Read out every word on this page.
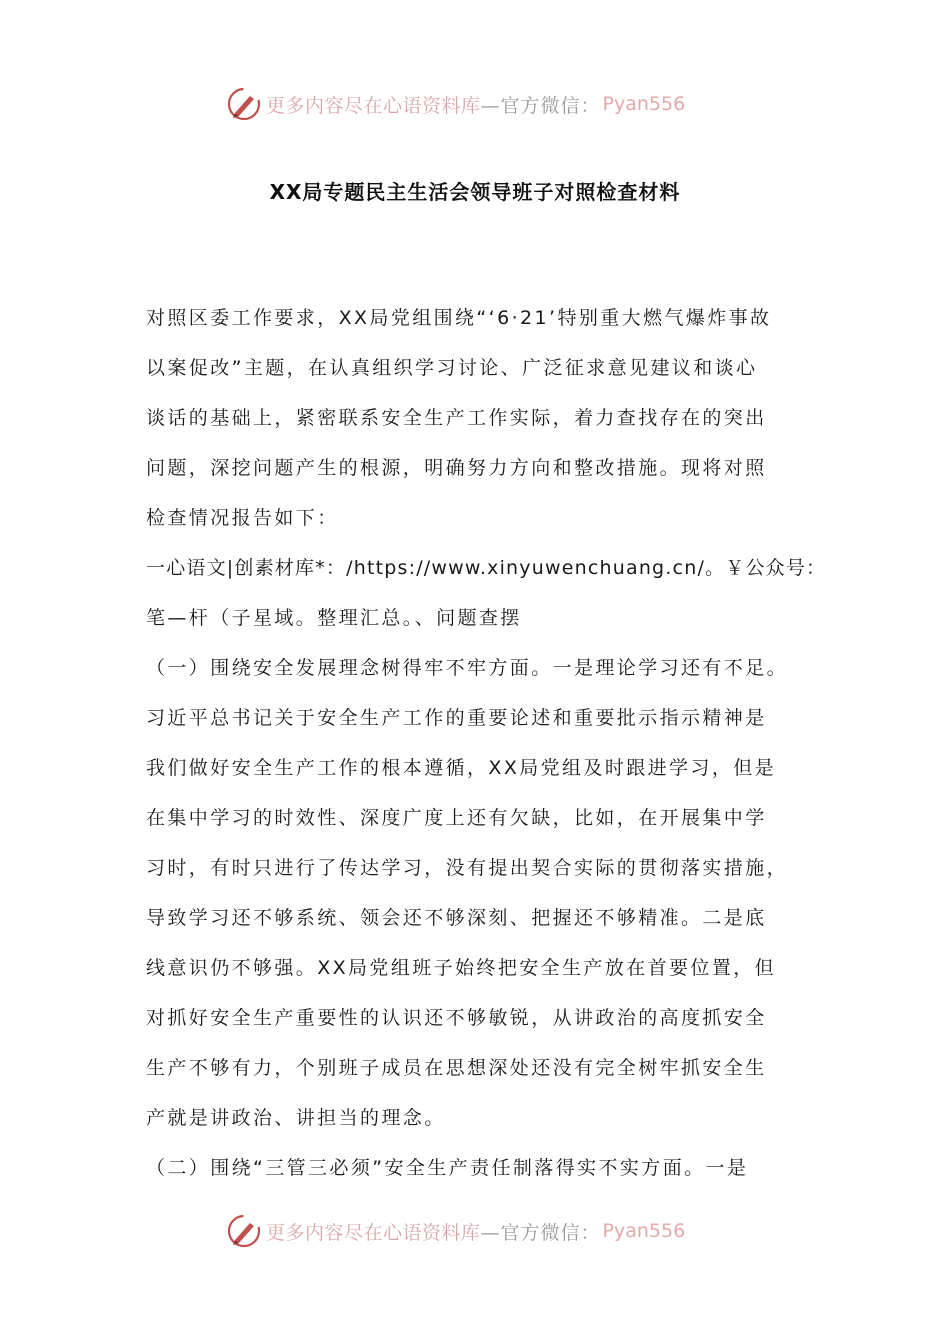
更多内容尽在心语资料库 —官方微信： Pyan556
XX局专题民主生活会领导班子对照检查材料
对照区委工作要求，XX局党组围绕“‘6·21’特别重大燃气爆炸事故
以案促改”主题，在认真组织学习讨论、广泛征求意见建议和谈心
谈话的基础上，紧密联系安全生产工作实际，着力查找存在的突出
问题，深挖问题产生的根源，明确努力方向和整改措施。现将对照
检查情况报告如下：
一心语文|创素材库*：/https://www.xinyuwenchuang.cn/。￥公众号：
笔—杆（子星域。整理汇总。、问题查摆
（一）围绕安全发展理念树得牢不牢方面。一是理论学习还有不足。
习近平总书记关于安全生产工作的重要论述和重要批示指示精神是
我们做好安全生产工作的根本遵循，XX局党组及时跟进学习，但是
在集中学习的时效性、深度广度上还有欠缺，比如，在开展集中学
习时，有时只进行了传达学习，没有提出契合实际的贯彻落实措施，
导致学习还不够系统、领会还不够深刻、把握还不够精准。二是底
线意识仍不够强。XX局党组班子始终把安全生产放在首要位置，但
对抓好安全生产重要性的认识还不够敏锐，从讲政治的高度抓安全
生产不够有力，个别班子成员在思想深处还没有完全树牢抓安全生
产就是讲政治、讲担当的理念。
（二）围绕“三管三必须”安全生产责任制落得实不实方面。一是
更多内容尽在心语资料库 —官方微信： Pyan556
